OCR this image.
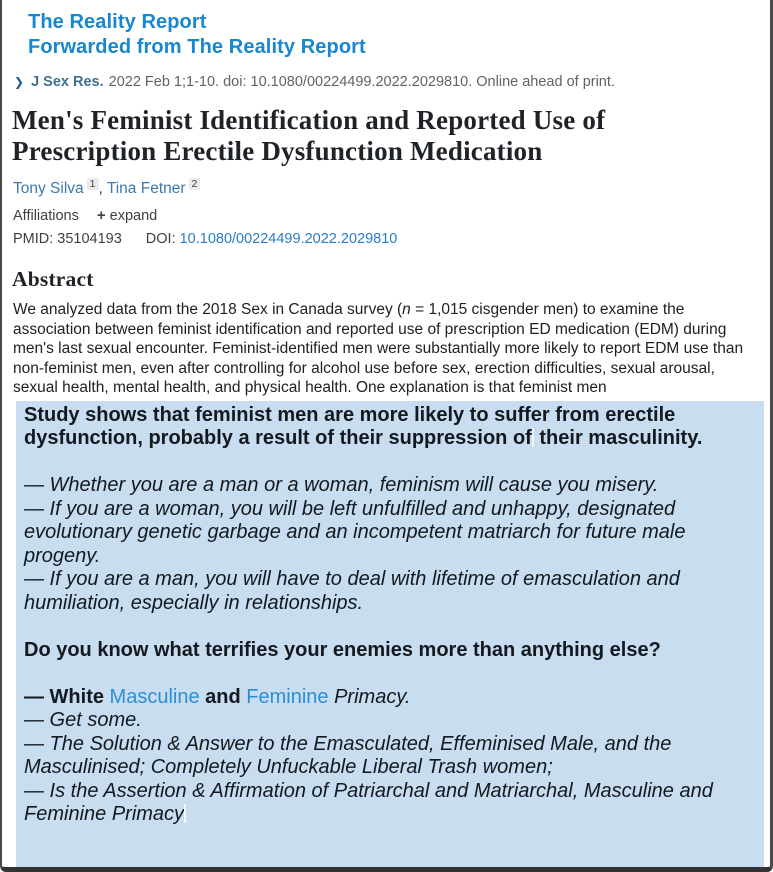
The Reality Report
Forwarded from The Reality Report
❯ J Sex Res. 2022 Feb 1;1-10. doi: 10.1080/00224499.2022.2029810. Online ahead of print.
Men's Feminist Identification and Reported Use of Prescription Erectile Dysfunction Medication
Tony Silva $^1$ , Tina Fetner $^2$
Affiliations + expand
PMID: 35104193 DOI: 10.1080/00224499.2022.2029810
Abstract

We analyzed data from the 2018 Sex in Canada survey (n = 1,015 cisgender men) to examine the association between feminist identification and reported use of prescription ED medication (EDM) during men's last sexual encounter. Feminist-identified men were substantially more likely to report EDM use than non-feminist men, even after controlling for alcohol use before sex, erection difficulties, sexual arousal, sexual health, mental health, and physical health. One explanation is that feminist men

Study shows that feminist men are more likely to suffer from erectile dysfunction, probably a result of their suppression of their masculinity.

— Whether you are a man or a woman, feminism will cause you misery.

— If you are a woman, you will be left unfulfilled and unhappy, designated evolutionary genetic garbage and an incompetent matriarch for future male progeny.

— If you are a man, you will have to deal with lifetime of emasculation and humiliation, especially in relationships.

Do you know what terrifies your enemies more than anything else?

— White Masculine and Feminine Primacy.

— Get some.

— The Solution & Answer to the Emasculated, Effeminised Male, and the Masculinised; Completely Unfuckable Liberal Trash women;

— Is the Assertion & Affirmation of Patriarchal and Matriarchal, Masculine and Feminine Primacy
